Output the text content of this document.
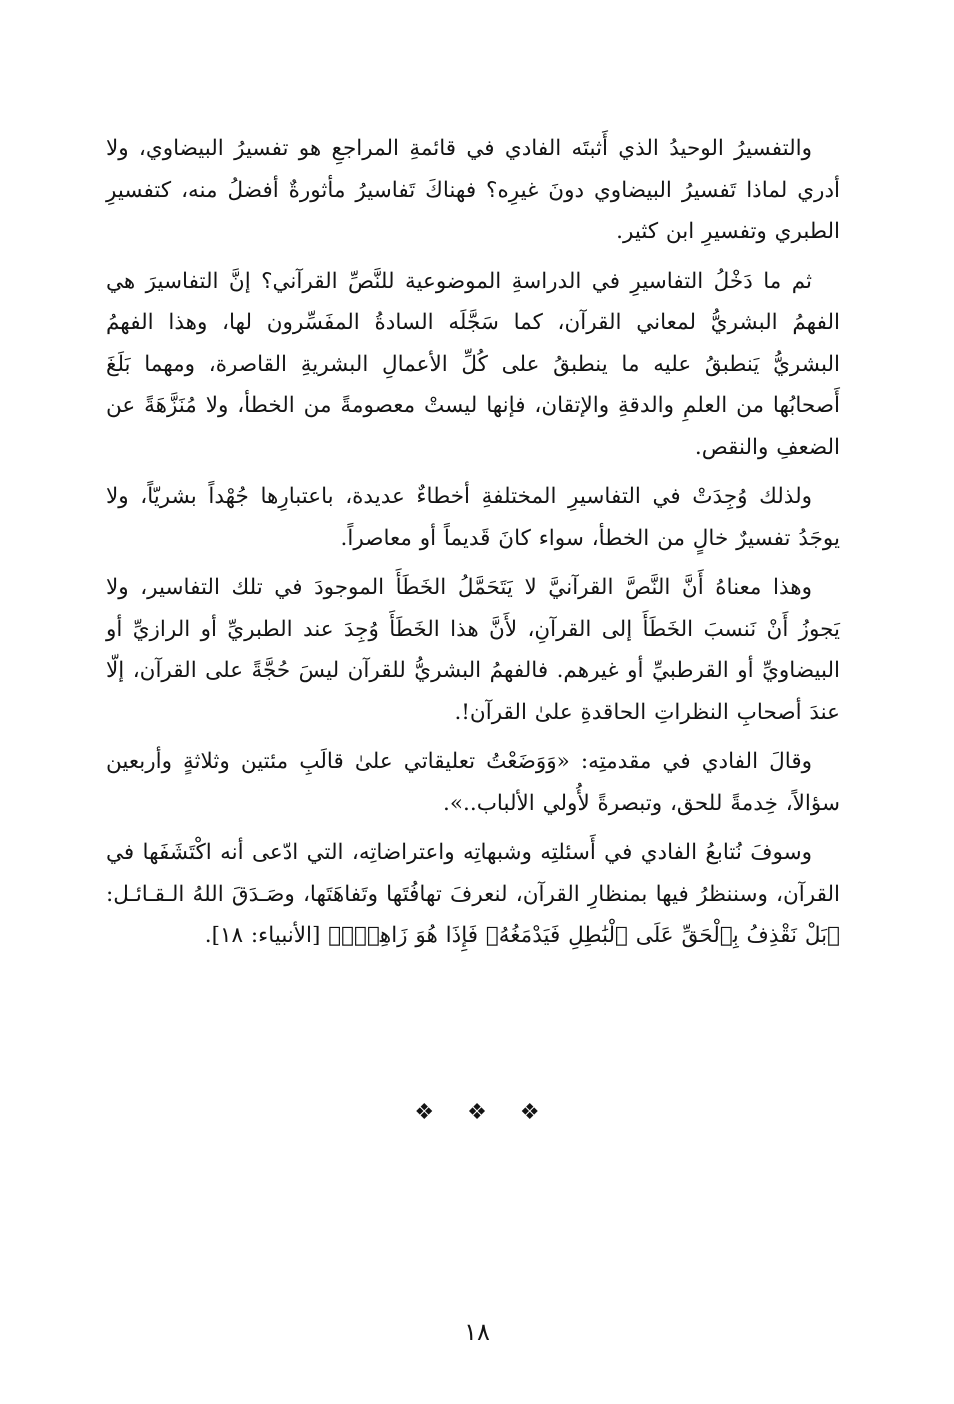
والتفسيرُ الوحيدُ الذي أَثبتَه الفادي في قائمةِ المراجعِ هو تفسيرُ البيضاوي، ولا أدري لماذا تَفسيرُ البيضاوي دونَ غيرِه؟ فهناكَ تَفاسيرُ مأثورةٌ أفضلُ منه، كتفسيرِ الطبري وتفسيرِ ابن كثير.

ثم ما دَخْلُ التفاسيرِ في الدراسةِ الموضوعية للنَّصِّ القرآني؟ إنَّ التفاسيرَ هي الفهمُ البشريُّ لمعاني القرآن، كما سَجَّلَه السادةُ المفَسِّرون لها، وهذا الفهمُ البشريُّ يَنطبقُ عليه ما ينطبقُ على كُلِّ الأعمالِ البشريةِ القاصرة، ومهما بَلَغَ أَصحابُها من العلمِ والدقةِ والإتقان، فإنها ليستْ معصومةً من الخطأ، ولا مُنَزَّهَةً عن الضعفِ والنقص.

ولذلك وُجِدَتْ في التفاسيرِ المختلفةِ أخطاءٌ عديدة، باعتبارِها جُهْداً بشريّاً، ولا يوجَدُ تفسيرٌ خالٍ من الخطأ، سواء كانَ قَديماً أو معاصراً.

وهذا معناهُ أَنَّ النَّصَّ القرآنيَّ لا يَتَحَمَّلُ الخَطَأَ الموجودَ في تلك التفاسير، ولا يَجوزُ أَنْ نَنسبَ الخَطَأَ إلى القرآنِ، لأَنَّ هذا الخَطَأَ وُجِدَ عند الطبريِّ أو الرازيِّ أو البيضاويِّ أو القرطبيِّ أو غيرهم. فالفهمُ البشريُّ للقرآن ليسَ حُجَّةً على القرآن، إلّا عندَ أصحابِ النظراتِ الحاقدةِ علىٰ القرآن!.

وقالَ الفادي في مقدمتِه: «وَوَضَعْتُ تعليقاتي علىٰ قالَبِ مئتين وثلاثةٍ وأربعين سؤالاً، خِدمةً للحق، وتبصرةً لأُولي الألباب..».

وسوفَ نُتابعُ الفادي في أَسئلتِه وشبهاتِه واعتراضاتِه، التي ادّعى أنه اكْتَشَفَها في القرآن، وسننظرُ فيها بمنظارِ القرآن، لنعرفَ تهافُتَها وتَفاهَتَها، وصَـدَقَ اللهُ الـقـائـل: ﴿بَلْ نَقْذِفُ بِٱلْحَقِّ عَلَى ٱلْبَٰطِلِ فَيَدْمَغُهُۥ فَإِذَا هُوَ زَاهِقٌۚ﴾ [الأنبياء: ١٨].

❖ ❖ ❖
١٨
